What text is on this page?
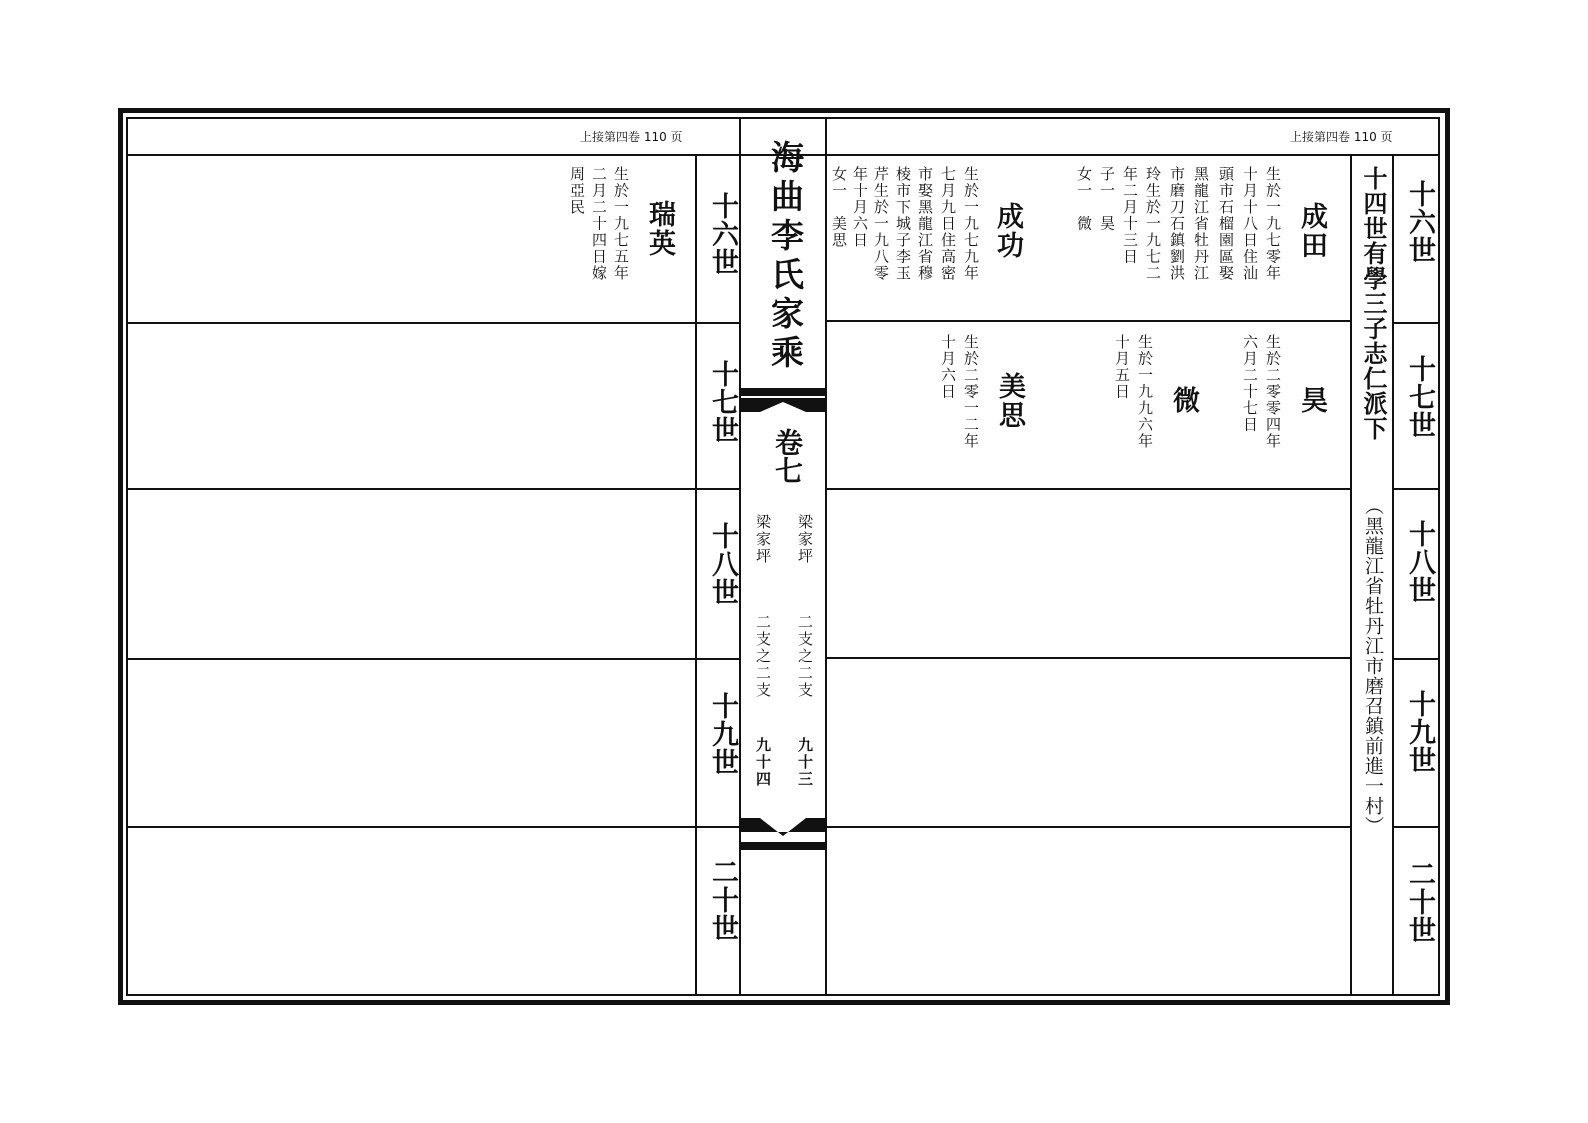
上接第四卷 110 页	上接第四卷 110 页
海曲李氏家乘
卷七
梁家坪
二支之二支
九十三
梁家坪
二支之二支
九十四
十六世
十七世
十八世
十九世
二十世
十六世
十七世
十八世
十九世
二十世
十四世有學三子志仁派下
（黑龍江省牡丹江市磨召鎮前進一村）
瑞英
生於一九七五年
二月二十四日嫁
周亞民
成田
生於一九七零年
十月十八日住汕
頭市石榴園區娶
黑龍江省牡丹江
市磨刀石鎮劉洪
玲生於一九七二
年二月十三日
子一　昊
女一　微
成功
生於一九七九年
七月九日住高密
市娶黑龍江省穆
棱市下城子李玉
芹生於一九八零
年十月六日
女一　美思
昊
生於二零零四年
六月二十七日
微
生於一九九六年
十月五日
美思
生於二零一二年
十月六日
